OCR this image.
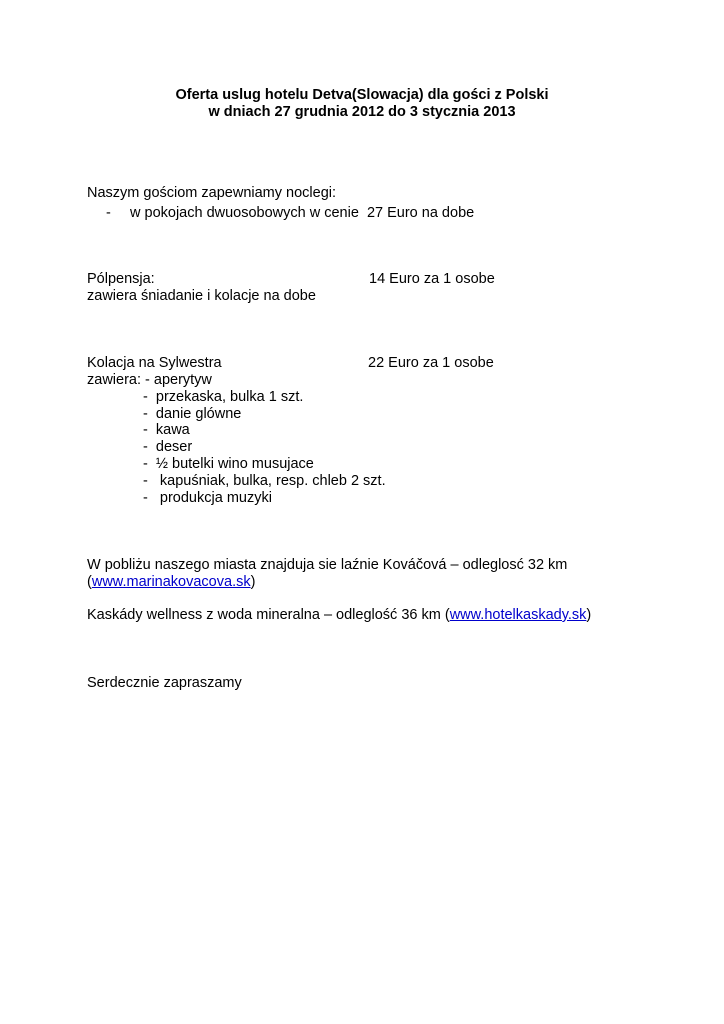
Oferta uslug hotelu Detva(Slowacja) dla gości z Polski
w dniach 27 grudnia 2012 do 3 stycznia 2013
Naszym gościom zapewniamy noclegi:
- w pokojach dwuosobowych w cenie  27 Euro na dobe
Pólpensja:	14 Euro za 1 osobe
zawiera śniadanie i kolacje na dobe
Kolacja na Sylwestra	22 Euro za 1 osobe
zawiera: - aperytyw
-  przekaska, bulka 1 szt.
-  danie glówne
-  kawa
-  deser
-  ½ butelki wino musujace
-   kapuśniak, bulka, resp. chleb 2 szt.
-   produkcja muzyki
W pobliżu naszego miasta znajduja sie laźnie Kováčová – odleglosć 32 km
(www.marinakovacova.sk)
Kaskády wellness z woda mineralna – odleglość 36 km (www.hotelkaskady.sk)
Serdecznie zapraszamy
